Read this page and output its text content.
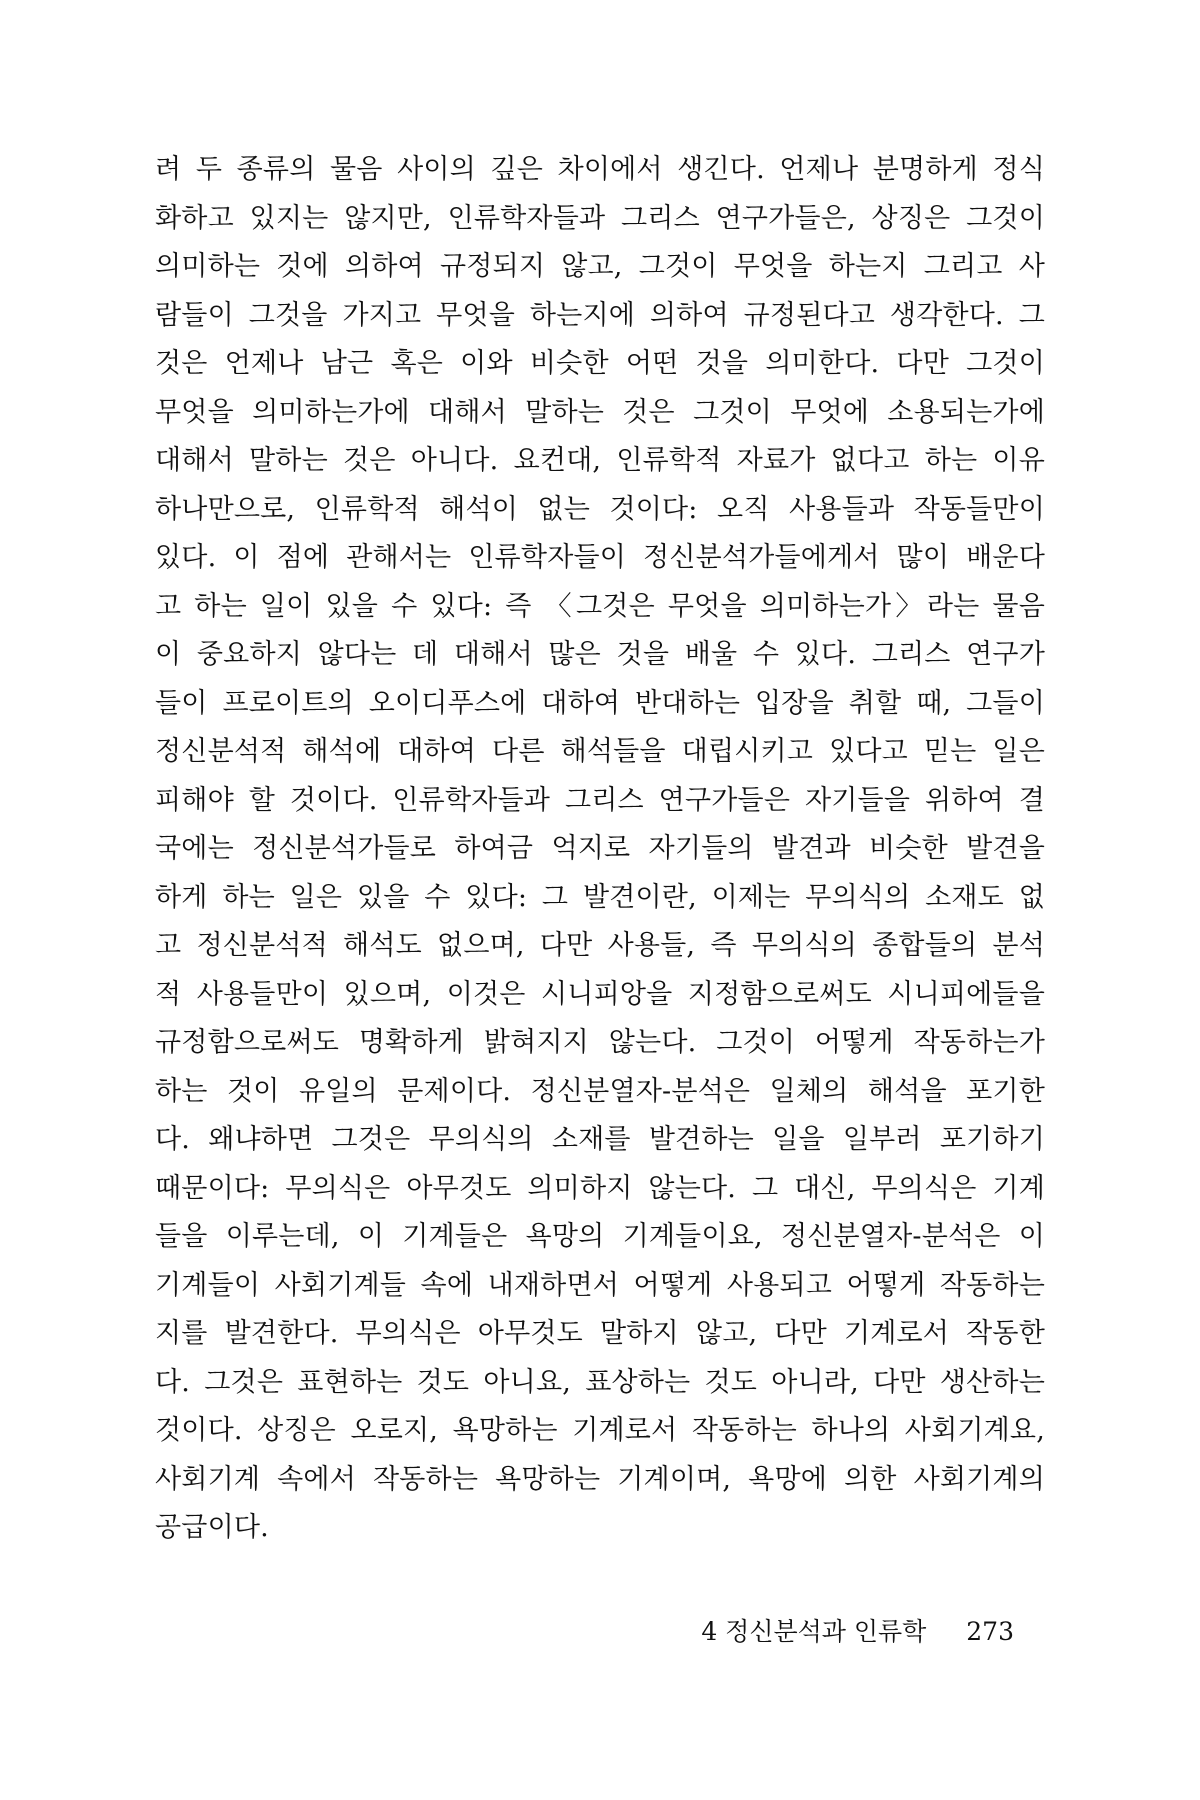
려 두 종류의 물음 사이의 깊은 차이에서 생긴다. 언제나 분명하게 정식
화하고 있지는 않지만, 인류학자들과 그리스 연구가들은, 상징은 그것이
의미하는 것에 의하여 규정되지 않고, 그것이 무엇을 하는지 그리고 사
람들이 그것을 가지고 무엇을 하는지에 의하여 규정된다고 생각한다. 그
것은 언제나 남근 혹은 이와 비슷한 어떤 것을 의미한다. 다만 그것이
무엇을 의미하는가에 대해서 말하는 것은 그것이 무엇에 소용되는가에
대해서 말하는 것은 아니다. 요컨대, 인류학적 자료가 없다고 하는 이유
하나만으로, 인류학적 해석이 없는 것이다: 오직 사용들과 작동들만이
있다. 이 점에 관해서는 인류학자들이 정신분석가들에게서 많이 배운다
고 하는 일이 있을 수 있다: 즉 〈그것은 무엇을 의미하는가〉라는 물음
이 중요하지 않다는 데 대해서 많은 것을 배울 수 있다. 그리스 연구가
들이 프로이트의 오이디푸스에 대하여 반대하는 입장을 취할 때, 그들이
정신분석적 해석에 대하여 다른 해석들을 대립시키고 있다고 믿는 일은
피해야 할 것이다. 인류학자들과 그리스 연구가들은 자기들을 위하여 결
국에는 정신분석가들로 하여금 억지로 자기들의 발견과 비슷한 발견을
하게 하는 일은 있을 수 있다: 그 발견이란, 이제는 무의식의 소재도 없
고 정신분석적 해석도 없으며, 다만 사용들, 즉 무의식의 종합들의 분석
적 사용들만이 있으며, 이것은 시니피앙을 지정함으로써도 시니피에들을
규정함으로써도 명확하게 밝혀지지 않는다. 그것이 어떻게 작동하는가
하는 것이 유일의 문제이다. 정신분열자-분석은 일체의 해석을 포기한
다. 왜냐하면 그것은 무의식의 소재를 발견하는 일을 일부러 포기하기
때문이다: 무의식은 아무것도 의미하지 않는다. 그 대신, 무의식은 기계
들을 이루는데, 이 기계들은 욕망의 기계들이요, 정신분열자-분석은 이
기계들이 사회기계들 속에 내재하면서 어떻게 사용되고 어떻게 작동하는
지를 발견한다. 무의식은 아무것도 말하지 않고, 다만 기계로서 작동한
다. 그것은 표현하는 것도 아니요, 표상하는 것도 아니라, 다만 생산하는
것이다. 상징은 오로지, 욕망하는 기계로서 작동하는 하나의 사회기계요,
사회기계 속에서 작동하는 욕망하는 기계이며, 욕망에 의한 사회기계의
공급이다.
4 정신분석과 인류학 273
